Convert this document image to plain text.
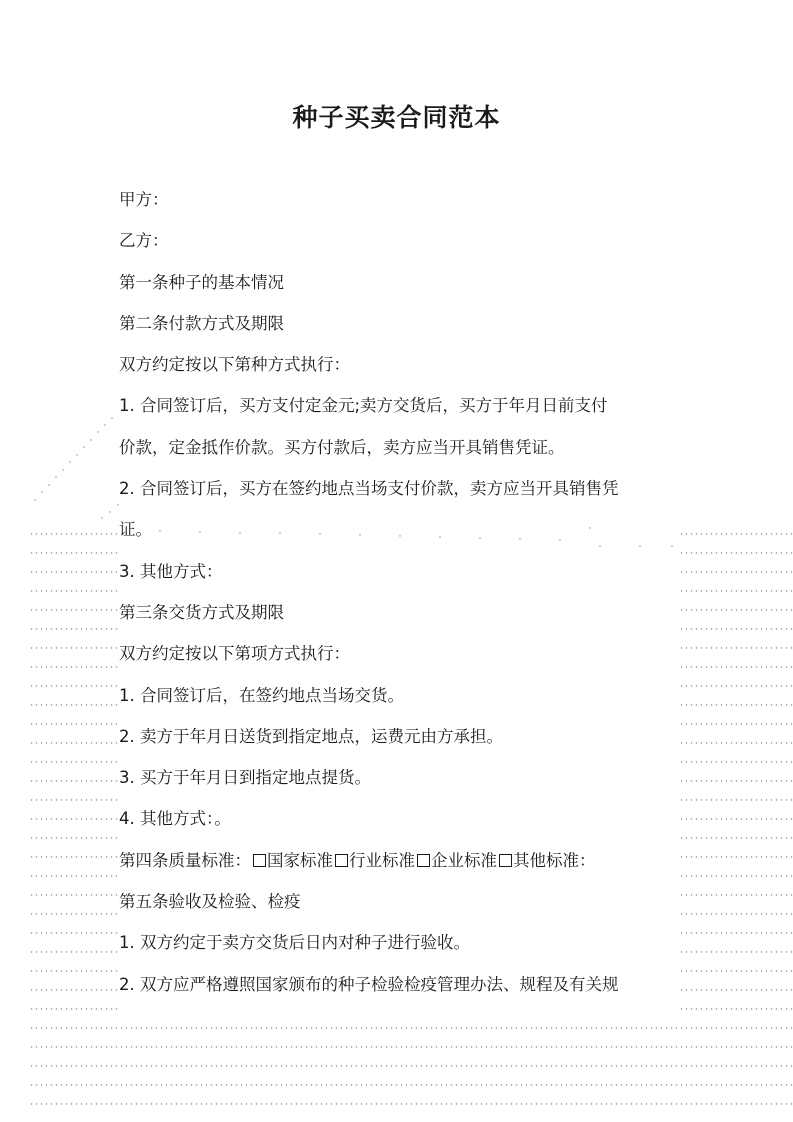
种子买卖合同范本
甲方：
乙方：
第一条种子的基本情况
第二条付款方式及期限
双方约定按以下第种方式执行：
1. 合同签订后，买方支付定金元;卖方交货后，买方于年月日前支付
价款，定金抵作价款。买方付款后，卖方应当开具销售凭证。
2. 合同签订后，买方在签约地点当场支付价款，卖方应当开具销售凭
证。
3. 其他方式：
第三条交货方式及期限
双方约定按以下第项方式执行：
1. 合同签订后，在签约地点当场交货。
2. 卖方于年月日送货到指定地点，运费元由方承担。
3. 买方于年月日到指定地点提货。
4. 其他方式：。
第四条质量标准： 国家标准 行业标准 企业标准 其他标准：
第五条验收及检验、检疫
1. 双方约定于卖方交货后日内对种子进行验收。
2. 双方应严格遵照国家颁布的种子检验检疫管理办法、规程及有关规
